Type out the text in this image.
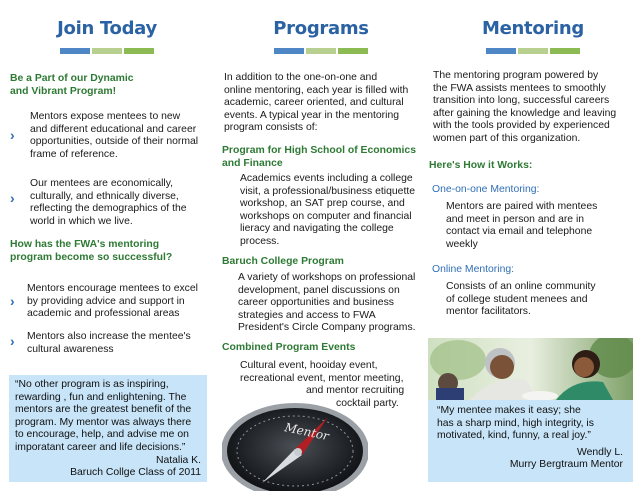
Join Today
Be a Part of our Dynamic
and Vibrant Program!
›
Mentors expose mentees to new
and different educational and career
opportunities, outside of their normal
frame of reference.
›
Our mentees are economically,
culturally, and ethnically diverse,
reflecting the demographics of the
world in which we live.
How has the FWA's mentoring
program become so successful?
›
Mentors encourage mentees to excel
by providing advice and support in
academic and professional areas
› Mentors also increase the mentee's
cultural awareness
“No other program is as inspiring,
rewarding , fun and enlightening. The
mentors are the greatest benefit of the
program. My mentor was always there
to encourage, help, and advise me on
imporatant career and life decisions.”
Natalia K.
Baruch Collge Class of 2011
Programs
In addition to the one-on-one and
online mentoring, each year is filled with
academic, career oriented, and cultural
events. A typical year in the mentoring
program consists of:
Program for High School of Economics
and Finance
Academics events including a college
visit, a professional/business etiquette
workshop, an SAT prep course, and
workshops on computer and financial
lieracy and navigating the college
process.
Baruch College Program
A variety of workshops on professional
development, panel discussions on
career opportunities and business
strategies and access to FWA
President's Circle Company programs.
Combined Program Events
Cultural event, hooiday event,
recreational event, mentor meeting,
and mentor recruiting
cocktail party.
Mentor
Mentoring
The mentoring program powered by
the FWA assists mentees to smoothly
transition into long, successful careers
after gaining the knowledge and leaving
with the tools provided by experienced
women part of this organization.
Here's How it Works:
One-on-one Mentoring:
Mentors are paired with mentees
and meet in person and are in
contact via email and telephone
weekly
Online Mentoring:
Consists of an online community
of college student menees and
mentor facilitators.
“My mentee makes it easy; she
has a sharp mind, high integrity, is
motivated, kind, funny, a real joy.”
Wendly L.
Murry Bergtraum Mentor
